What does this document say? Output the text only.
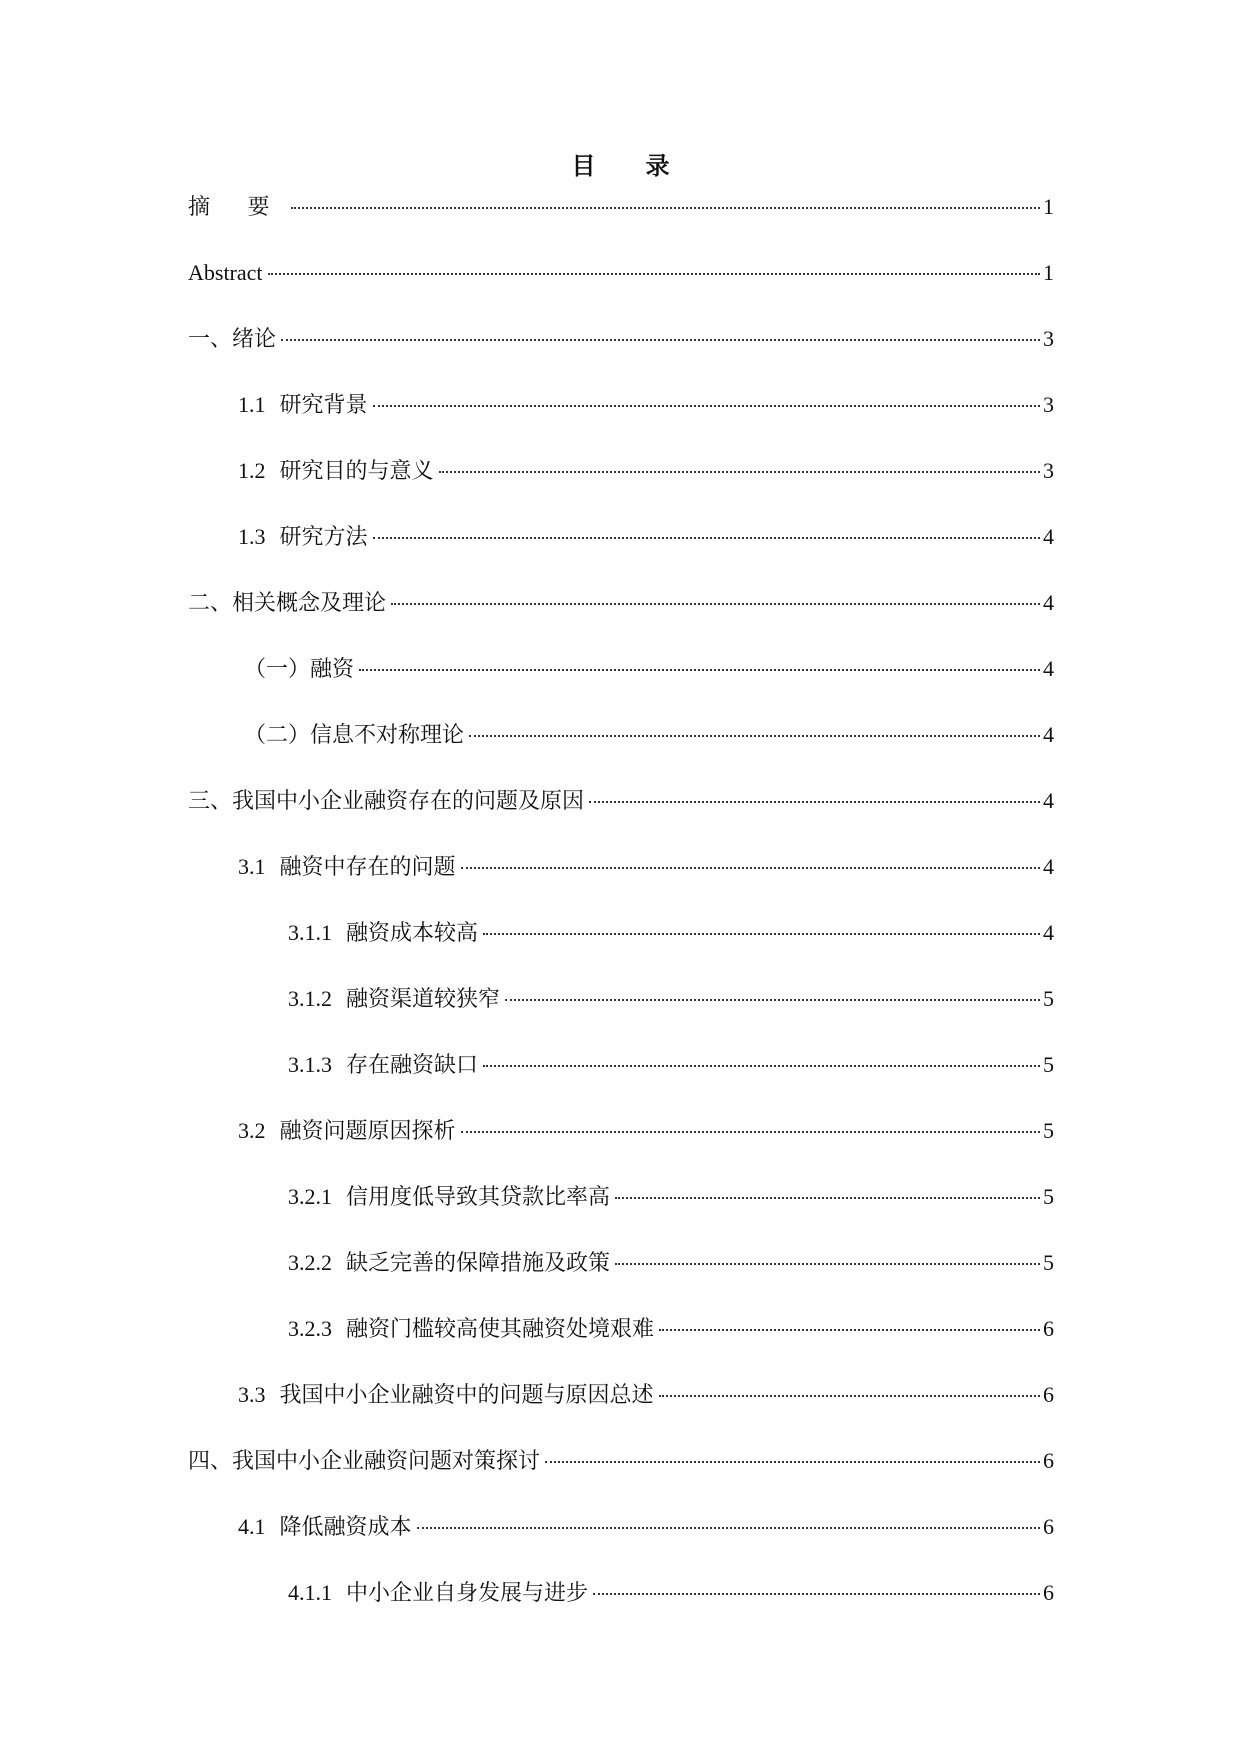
目 录
摘 要	1
Abstract	1
一、绪论	3
1.1 研究背景	3
1.2 研究目的与意义	3
1.3 研究方法	4
二、相关概念及理论	4
（一）融资	4
（二）信息不对称理论	4
三、我国中小企业融资存在的问题及原因	4
3.1 融资中存在的问题	4
3.1.1 融资成本较高	4
3.1.2 融资渠道较狭窄	5
3.1.3 存在融资缺口	5
3.2 融资问题原因探析	5
3.2.1 信用度低导致其贷款比率高	5
3.2.2 缺乏完善的保障措施及政策	5
3.2.3 融资门槛较高使其融资处境艰难	6
3.3 我国中小企业融资中的问题与原因总述	6
四、我国中小企业融资问题对策探讨	6
4.1 降低融资成本	6
4.1.1 中小企业自身发展与进步	6
